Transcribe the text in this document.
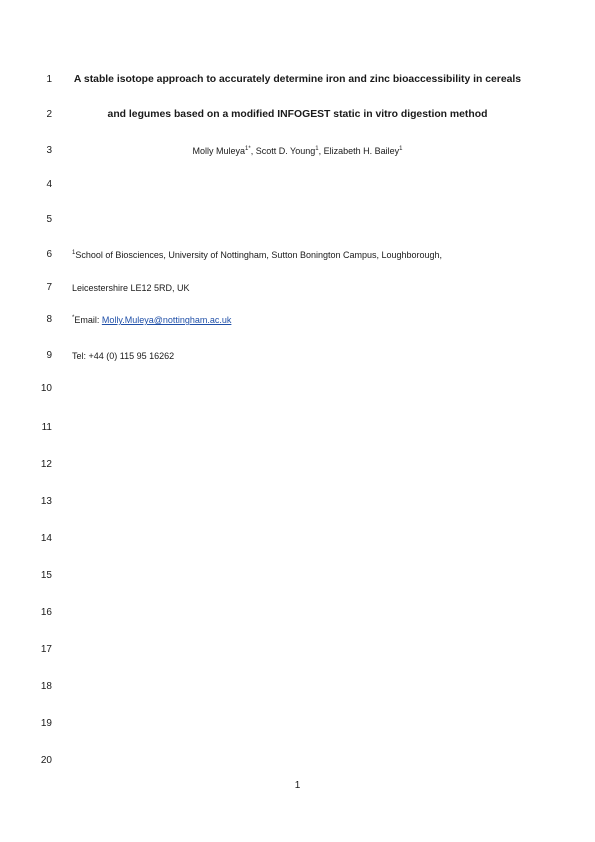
1
2
3
4
5
6
7
8
9
10
11
12
13
14
15
16
17
18
19
20
A stable isotope approach to accurately determine iron and zinc bioaccessibility in cereals
and legumes based on a modified INFOGEST static in vitro digestion method
Molly Muleya$^{1*}$, Scott D. Young$^1$, Elizabeth H. Bailey$^1$
$^1$School of Biosciences, University of Nottingham, Sutton Bonington Campus, Loughborough,
Leicestershire LE12 5RD, UK
*Email: Molly.Muleya@nottingham.ac.uk
Tel: +44 (0) 115 95 16262
1
